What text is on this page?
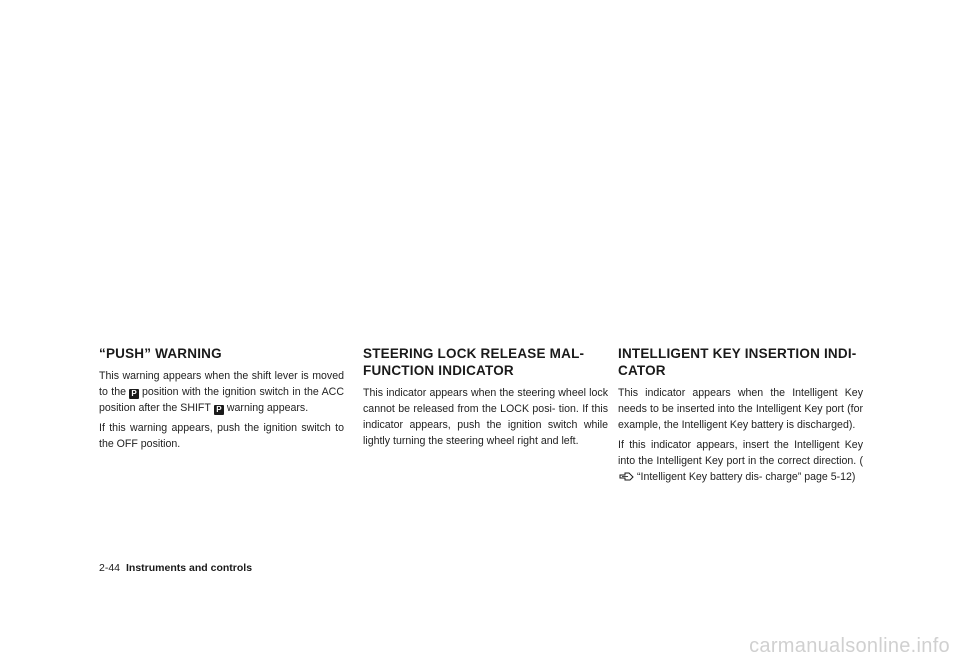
“PUSH” WARNING

This warning appears when the shift lever is moved to the P position with the ignition switch in the ACC position after the SHIFT P warning appears.

If this warning appears, push the ignition switch to the OFF position.

STEERING LOCK RELEASE MAL- FUNCTION INDICATOR

This indicator appears when the steering wheel lock cannot be released from the LOCK posi- tion. If this indicator appears, push the ignition switch while lightly turning the steering wheel right and left.

INTELLIGENT KEY INSERTION INDI- CATOR

This indicator appears when the Intelligent Key needs to be inserted into the Intelligent Key port (for example, the Intelligent Key battery is discharged).

If this indicator appears, insert the Intelligent Key into the Intelligent Key port in the correct direction. (“Intelligent Key battery dis- charge” page 5-12)

2-44 Instruments and controls
carmanualsonline.info
